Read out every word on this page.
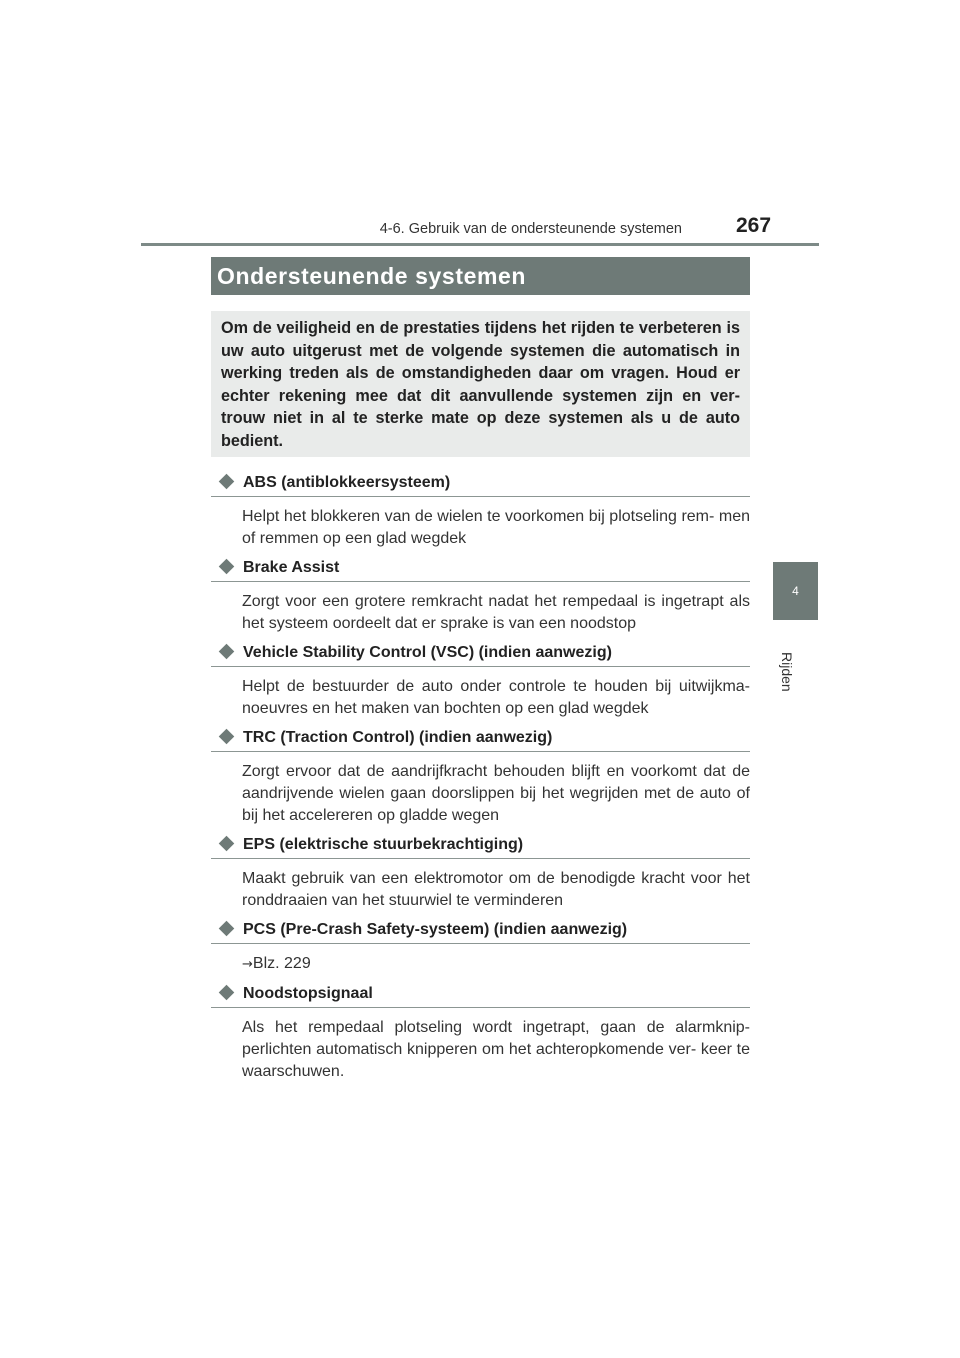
4-6. Gebruik van de ondersteunende systemen	267
4
Rijden
Ondersteunende systemen
Om de veiligheid en de prestaties tijdens het rijden te verbeteren is uw auto uitgerust met de volgende systemen die automatisch in werking treden als de omstandigheden daar om vragen. Houd er echter rekening mee dat dit aanvullende systemen zijn en ver- trouw niet in al te sterke mate op deze systemen als u de auto bedient.
ABS (antiblokkeersysteem)
Helpt het blokkeren van de wielen te voorkomen bij plotseling rem- men of remmen op een glad wegdek
Brake Assist
Zorgt voor een grotere remkracht nadat het rempedaal is ingetrapt als het systeem oordeelt dat er sprake is van een noodstop
Vehicle Stability Control (VSC) (indien aanwezig)
Helpt de bestuurder de auto onder controle te houden bij uitwijkma- noeuvres en het maken van bochten op een glad wegdek
TRC (Traction Control) (indien aanwezig)
Zorgt ervoor dat de aandrijfkracht behouden blijft en voorkomt dat de aandrijvende wielen gaan doorslippen bij het wegrijden met de auto of bij het accelereren op gladde wegen
EPS (elektrische stuurbekrachtiging)
Maakt gebruik van een elektromotor om de benodigde kracht voor het ronddraaien van het stuurwiel te verminderen
PCS (Pre-Crash Safety-systeem) (indien aanwezig)
→Blz. 229
Noodstopsignaal
Als het rempedaal plotseling wordt ingetrapt, gaan de alarmknip- perlichten automatisch knipperen om het achteropkomende ver- keer te waarschuwen.
